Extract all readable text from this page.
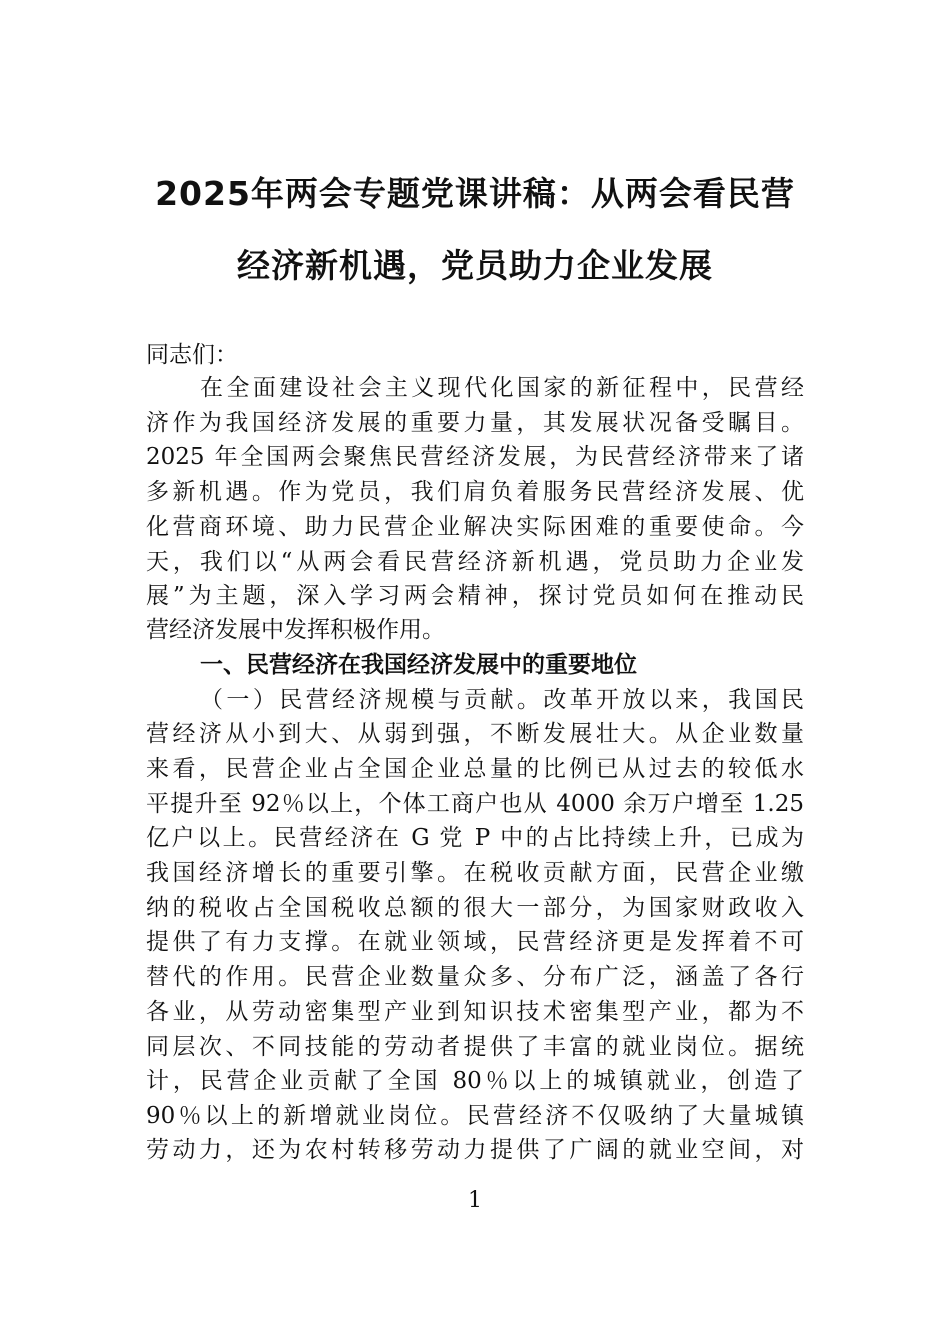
2025年两会专题党课讲稿：从两会看民营
经济新机遇，党员助力企业发展

同志们：

在全面建设社会主义现代化国家的新征程中，民营经

济作为我国经济发展的重要力量，其发展状况备受瞩目。

2025 年全国两会聚焦民营经济发展，为民营经济带来了诸

多新机遇。作为党员，我们肩负着服务民营经济发展、优

化营商环境、助力民营企业解决实际困难的重要使命。今

天，我们以“从两会看民营经济新机遇，党员助力企业发

展”为主题，深入学习两会精神，探讨党员如何在推动民

营经济发展中发挥积极作用。

一、民营经济在我国经济发展中的重要地位

（一）民营经济规模与贡献。改革开放以来，我国民

营经济从小到大、从弱到强，不断发展壮大。从企业数量

来看，民营企业占全国企业总量的比例已从过去的较低水

平提升至 92％以上，个体工商户也从 4000 余万户增至 1.25

亿户以上。民营经济在 G 党 P 中的占比持续上升，已成为

我国经济增长的重要引擎。在税收贡献方面，民营企业缴

纳的税收占全国税收总额的很大一部分，为国家财政收入

提供了有力支撑。在就业领域，民营经济更是发挥着不可

替代的作用。民营企业数量众多、分布广泛，涵盖了各行

各业，从劳动密集型产业到知识技术密集型产业，都为不

同层次、不同技能的劳动者提供了丰富的就业岗位。据统

计，民营企业贡献了全国 80％以上的城镇就业，创造了

90％以上的新增就业岗位。民营经济不仅吸纳了大量城镇

劳动力，还为农村转移劳动力提供了广阔的就业空间，对

1
